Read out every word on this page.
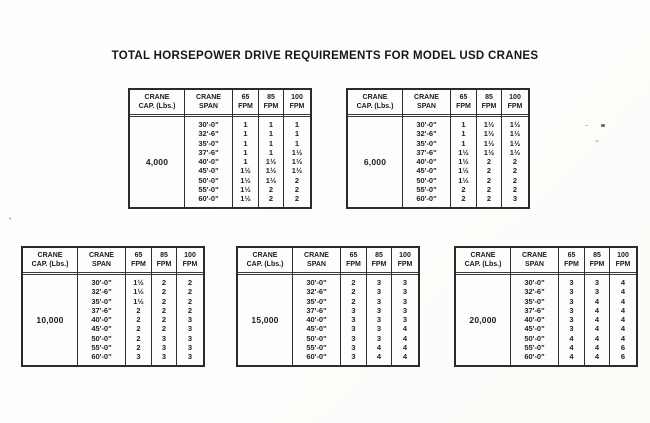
TOTAL HORSEPOWER DRIVE REQUIREMENTS FOR MODEL USD CRANES
CRANE
CAP. (Lbs.)
4,000
CRANE
SPAN
30'-0"
32'-6"
35'-0"
37'-6"
40'-0"
45'-0"
50'-0"
55'-0"
60'-0"
65
FPM
1
1
1
1
1
1½
1½
1½
1½
85
FPM
1
1
1
1
1½
1½
1½
2
2
100
FPM
1
1
1
1½
1½
1½
2
2
2
CRANE
CAP. (Lbs.)
6,000
CRANE
SPAN
30'-0"
32'-6"
35'-0"
37'-6"
40'-0"
45'-0"
50'-0"
55'-0"
60'-0"
65
FPM
1
1
1
1½
1½
1½
1½
2
2
85
FPM
1½
1½
1½
1½
2
2
2
2
2
100
FPM
1½
1½
1½
1½
2
2
2
2
3
CRANE
CAP. (Lbs.)
10,000
CRANE
SPAN
30'-0"
32'-6"
35'-0"
37'-6"
40'-0"
45'-0"
50'-0"
55'-0"
60'-0"
65
FPM
1½
1½
1½
2
2
2
2
2
3
85
FPM
2
2
2
2
2
2
3
3
3
100
FPM
2
2
2
2
3
3
3
3
3
CRANE
CAP. (Lbs.)
15,000
CRANE
SPAN
30'-0"
32'-6"
35'-0"
37'-6"
40'-0"
45'-0"
50'-0"
55'-0"
60'-0"
65
FPM
2
2
2
3
3
3
3
3
3
85
FPM
3
3
3
3
3
3
3
4
4
100
FPM
3
3
3
3
3
4
4
4
4
CRANE
CAP. (Lbs.)
20,000
CRANE
SPAN
30'-0"
32'-6"
35'-0"
37'-6"
40'-0"
45'-0"
50'-0"
55'-0"
60'-0"
65
FPM
3
3
3
3
3
3
4
4
4
85
FPM
3
3
4
4
4
4
4
4
4
100
FPM
4
4
4
4
4
4
4
6
6
